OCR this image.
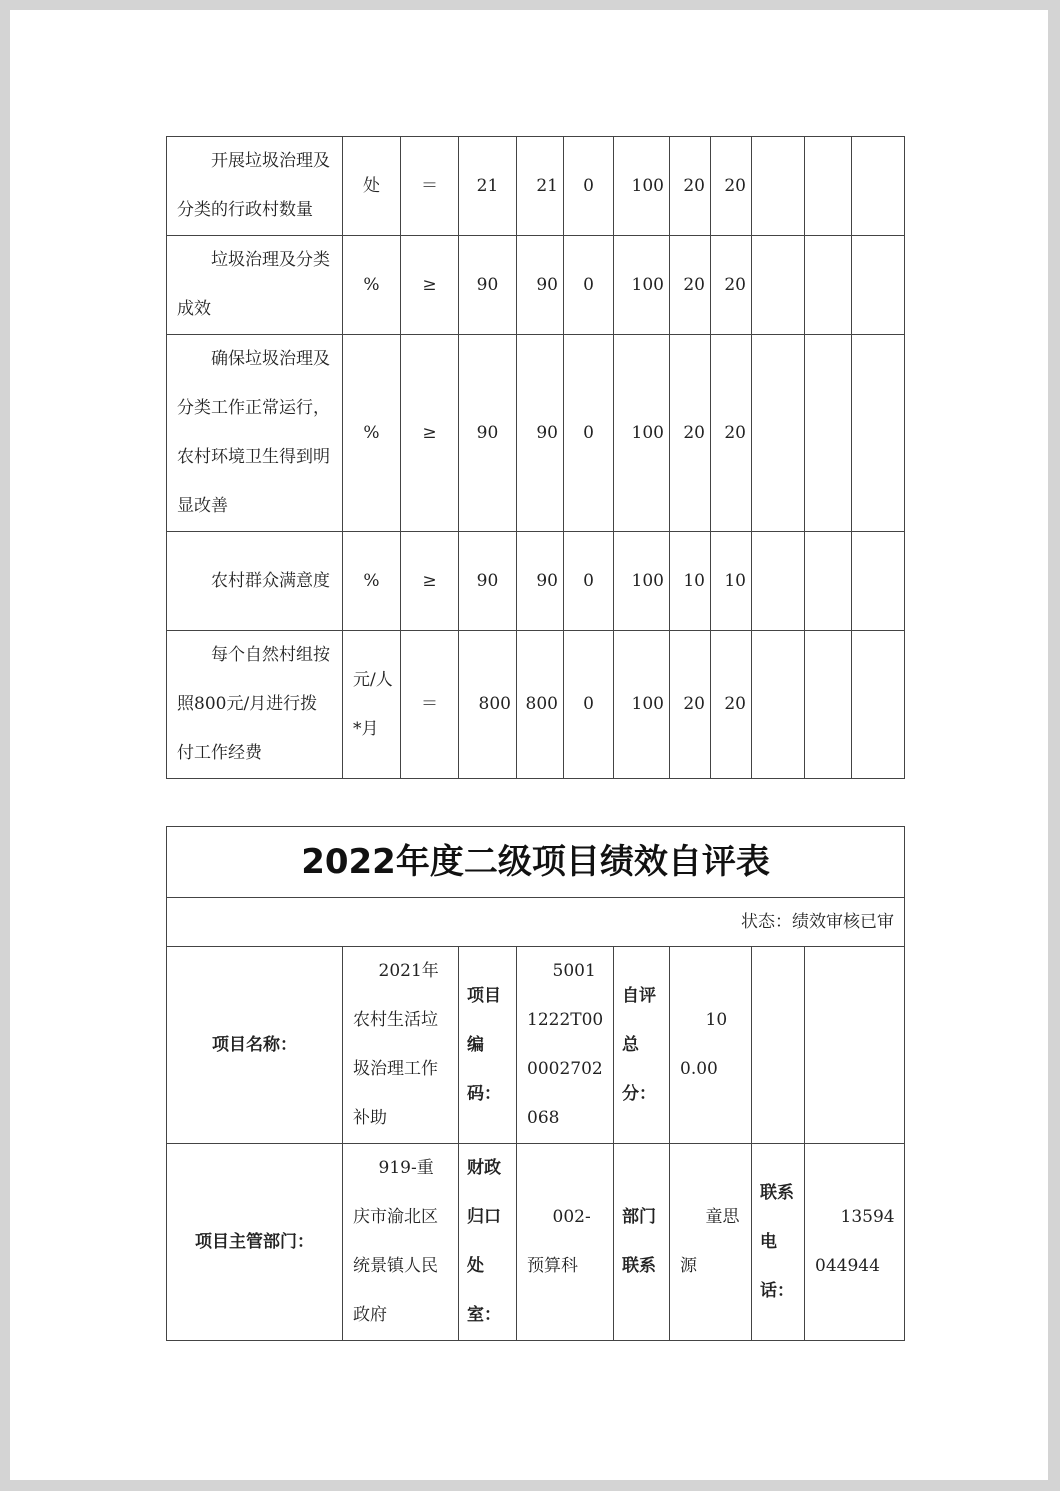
开展垃圾治理及分类的行政村数量	处	＝	21	21	0	100	20	20			
垃圾治理及分类成效	%	≥	90	90	0	100	20	20			
确保垃圾治理及分类工作正常运行，农村环境卫生得到明显改善	%	≥	90	90	0	100	20	20			
农村群众满意度	%	≥	90	90	0	100	10	10			
每个自然村组按照800元/月进行拨付工作经费	元/人*月	＝	800	800	0	100	20	20			
2022年度二级项目绩效自评表							
状态：绩效审核已审							
项目名称：	2021年农村生活垃圾治理工作补助	项目编码：	50011222T000002702068	自评总分：	100.00		
项目主管部门：	919-重庆市渝北区统景镇人民政府	财政归口处室：	002-预算科	部门联系	童思源	联系电话：	13594044944
